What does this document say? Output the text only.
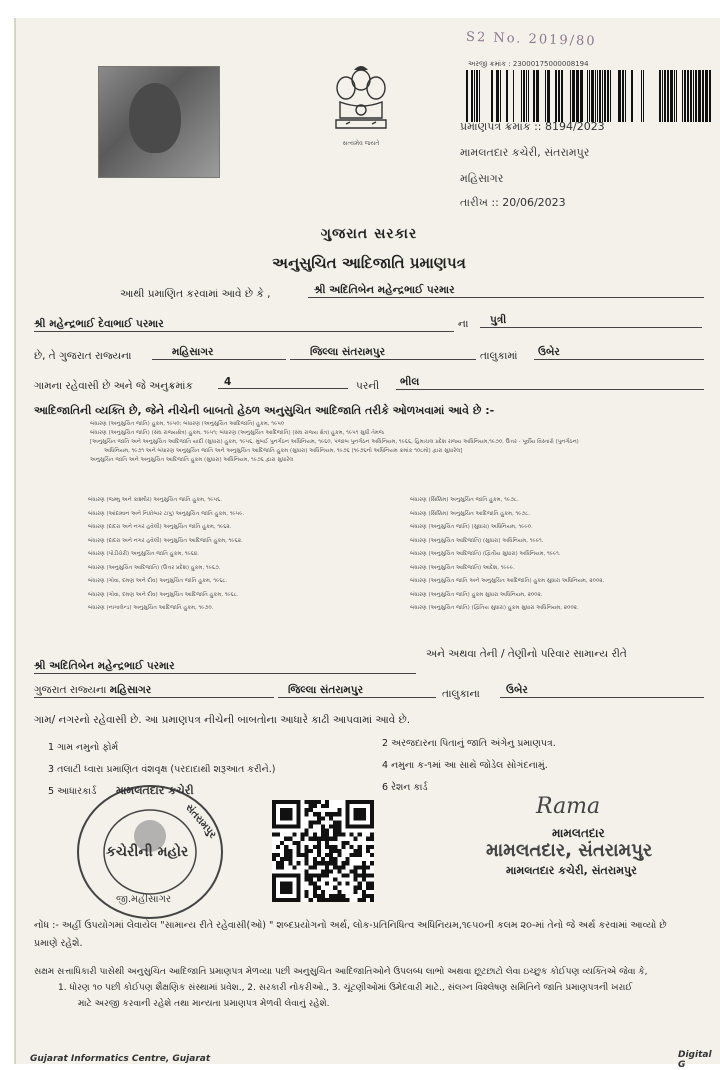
સત્યમેવ જયતે
S2 No. 2019/80
અરજી ક્રમાંક : 23000175000008194
પ્રમાણપત્ર ક્રમાંક :: 8194/2023
મામલતદાર કચેરી, સંતરામપુર
મહિસાગર
તારીખ :: 20/06/2023
ગુજરાત સરકાર
અનુસુચિત આદિજાતિ પ્રમાણપત્ર
આથી પ્રમાણિત કરવામાં આવે છે કે ,	શ્રી અદિતિબેન મહેન્દ્રભાઈ પરમાર
શ્રી મહેન્દ્રભાઈ દેવાભાઈ પરમાર	ના	પુત્રી
છે, તે ગુજરાત રાજ્યના	મહિસાગર	જિલ્લા સંતરામપુર	તાલુકામાં	ઉબેર
ગામના રહેવાસી છે અને જે અનુક્રમાંક	4	પરની	ભીલ
આદિજાતિની વ્યક્તિ છે, જેને નીચેની બાબતો હેઠળ અનુસુચિત આદિજાતિ તરીકે ઓળખવામાં આવે છે :-
બંધારણ (અનુસુચિત જાતિ) હુકમ, ૧૯૫૦; બંધારણ (અનુસુચિત આદિજાતિ) હુકમ, ૧૯૫૦
બંધારણ (અનુસુચિત જાતિ) (સંઘ રાજ્યક્ષેત્ર) હુકમ, ૧૯૫૧; બંધારણ (અનુસુચિત આદિજાતિ) (સંઘ રાજ્ય ક્ષેત્ર) હુકમ, ૧૯૫૧ સુધી તેમજ
[અનુસુચિત જાતિ અને અનુસુચિત આદિજાતિ યાદી (સુધારા) હુકમ, ૧૯૫૬, મુંબઈ પુનર્ગઠન અધિનિયમ, ૧૯૬૦, પંજાબ પુનર્ગઠન અધિનિયમ, ૧૯૬૬, હિમાચલ પ્રદેશ રાજ્ય અધિનિયમ,૧૯૭૦, ઉત્તર - પૂર્વીય વિસ્તારો (પુનર્ગઠન)
અધિનિયમ, ૧૯૭૧ અને બંધારણ અનુસુચિત જાતિ અને અનુસુચિત આદિજાતિ હુકમ (સુધારા) અધિનિયમ, ૧૯૭૬ (૧૯૭૬નો અધિનિયમ ક્રમાંક ૧૦૮મો) દ્વારા સુધારેલ]
અનુસુચિત જાતિ અને અનુસુચિત આદિજાતિ હુકમ (સુધારા) અધિનિયમ, ૧૯૭૬ દ્વારા સુધારેલ
બંધારણ (જમ્મુ અને કાશ્મીર) અનુસુચિત જાતિ હુકમ, ૧૯૫૬.
બંધારણ (આંદામાન અને નિકોબાર ટાપુ) અનુસુચિત જાતિ હુકમ, ૧૯૫૯.
બંધારણ (દાદરા અને નગર હવેલી) અનુસુચિત જાતિ હુકમ, ૧૯૬૨.
બંધારણ (દાદરા અને નગર હવેલી) અનુસુચિત આદિજાતિ હુકમ, ૧૯૬૨.
બંધારણ (પોંડીચેરી) અનુસુચિત જાતિ હુકમ, ૧૯૬૪.
બંધારણ (અનુસુચિત આદિજાતિ) (ઉત્તર પ્રદેશ) હુકમ, ૧૯૬૭.
બંધારણ (ગોવા, દમણ અને દીવ) અનુસુચિત જાતિ હુકમ, ૧૯૬૮.
બંધારણ (ગોવા, દમણ અને દીવ) અનુસુચિત આદિજાતિ હુકમ, ૧૯૬૮.
બંધારણ (નાગાલેન્ડ) અનુસુચિત આદિજાતિ હુકમ, ૧૯૭૦.
બંધારણ (સિક્કિમ) અનુસુચિત જાતિ હુકમ, ૧૯૭૮.
બંધારણ (સિક્કિમ) અનુસુચિત આદિજાતિ હુકમ, ૧૯૭૮.
બંધારણ (અનુસુચિત જાતિ) (સુધારા) અધિનિયમ, ૧૯૯૦.
બંધારણ (અનુસુચિત આદિજાતિ) (સુધારા) અધિનિયમ, ૧૯૯૧.
બંધારણ (અનુસુચિત આદિજાતિ) (દ્વિતીય સુધારા) અધિનિયમ, ૧૯૯૧.
બંધારણ (અનુસુચિત આદિજાતિ) આદેશ, ૧૯૯૯.
બંધારણ (અનુસુચિત જાતિ અને અનુસુચિત આદિજાતિ) હુકમ સુધારા અધિનિયમ, ૨૦૦૨.
બંધારણ (અનુસુચિત જાતિ) હુકમ સુધારા અધિનિયમ, ૨૦૦૨.
બંધારણ (અનુસુચિત જાતિ) (દ્વિતિય સુધારા) હુકમ સુધારા અધિનિયમ, ૨૦૦૨.
શ્રી અદિતિબેન મહેન્દ્રભાઈ પરમાર
અને અથવા તેની / તેણીનો પરિવાર સામાન્ય રીતે
ગુજરાત રાજ્યના મહિસાગર	જિલ્લા સંતરામપુર	તાલુકાના	ઉબેર
ગામ/ નગરનો રહેવાસી છે. આ પ્રમાણપત્ર નીચેની બાબતોના આધારે કાઢી આપવામાં આવે છે.
1 ગામ નમુનો ફોર્મ	2 અરજદારના પિતાનું જાતિ અંગેનુ પ્રમાણપત્ર.
3 તલાટી ધ્વારા પ્રમાણિત વંશવૃક્ષ (પરદાદાથી શરૂઆત કરીને.)	4 નમુના ક-૧માં આ સાથે જોડેલ સોગંદનામું.
5 આધારકાર્ડ	6 રેશન કાર્ડ
મામલતદાર કચેરી
કચેરીની મહોર
સંતરામપુર
જી.મહીસાગર
Rama
મામલતદાર
મામલતદાર, સંતરામપુર
મામલતદાર કચેરી, સંતરામપુર
નોંધ :- અહીં ઉપયોગમાં લેવાયેલ "સામાન્ય રીતે રહેવાસી(ઓ) " શબ્દપ્રયોગનો અર્થ, લોક-પ્રતિનિધિત્વ અધિનિયમ,૧૯૫૦ની કલમ ૨૦-માં તેનો જે અર્થ કરવામાં આવ્યો છે
પ્રમાણે રહેશે.
સક્ષમ સત્તાધિકારી પાસેથી અનુસુચિત આદિજાતિ પ્રમાણપત્ર મેળવ્યા પછી અનુસુચિત આદિજાતિઓને ઉપલબ્ધ લાભો અથવા છૂટછાટો લેવા ઇચ્છુક કોઈપણ વ્યક્તિએ જેવા કે,
1. ધોરણ ૧૦ પછી કોઈપણ શૈક્ષણિક સંસ્થામાં પ્રવેશ., 2. સરકારી નોકરીઓ., 3. ચૂંટણીઓમાં ઉમેદવારી માટે., સંલગ્ન વિશ્લેષણ સમિતિને જાતિ પ્રમાણપત્રની ખરાઈ
માટે અરજી કરવાની રહેશે તથા માન્યતા પ્રમાણપત્ર મેળવી લેવાનું રહેશે.
Gujarat Informatics Centre, Gujarat	Digital G
